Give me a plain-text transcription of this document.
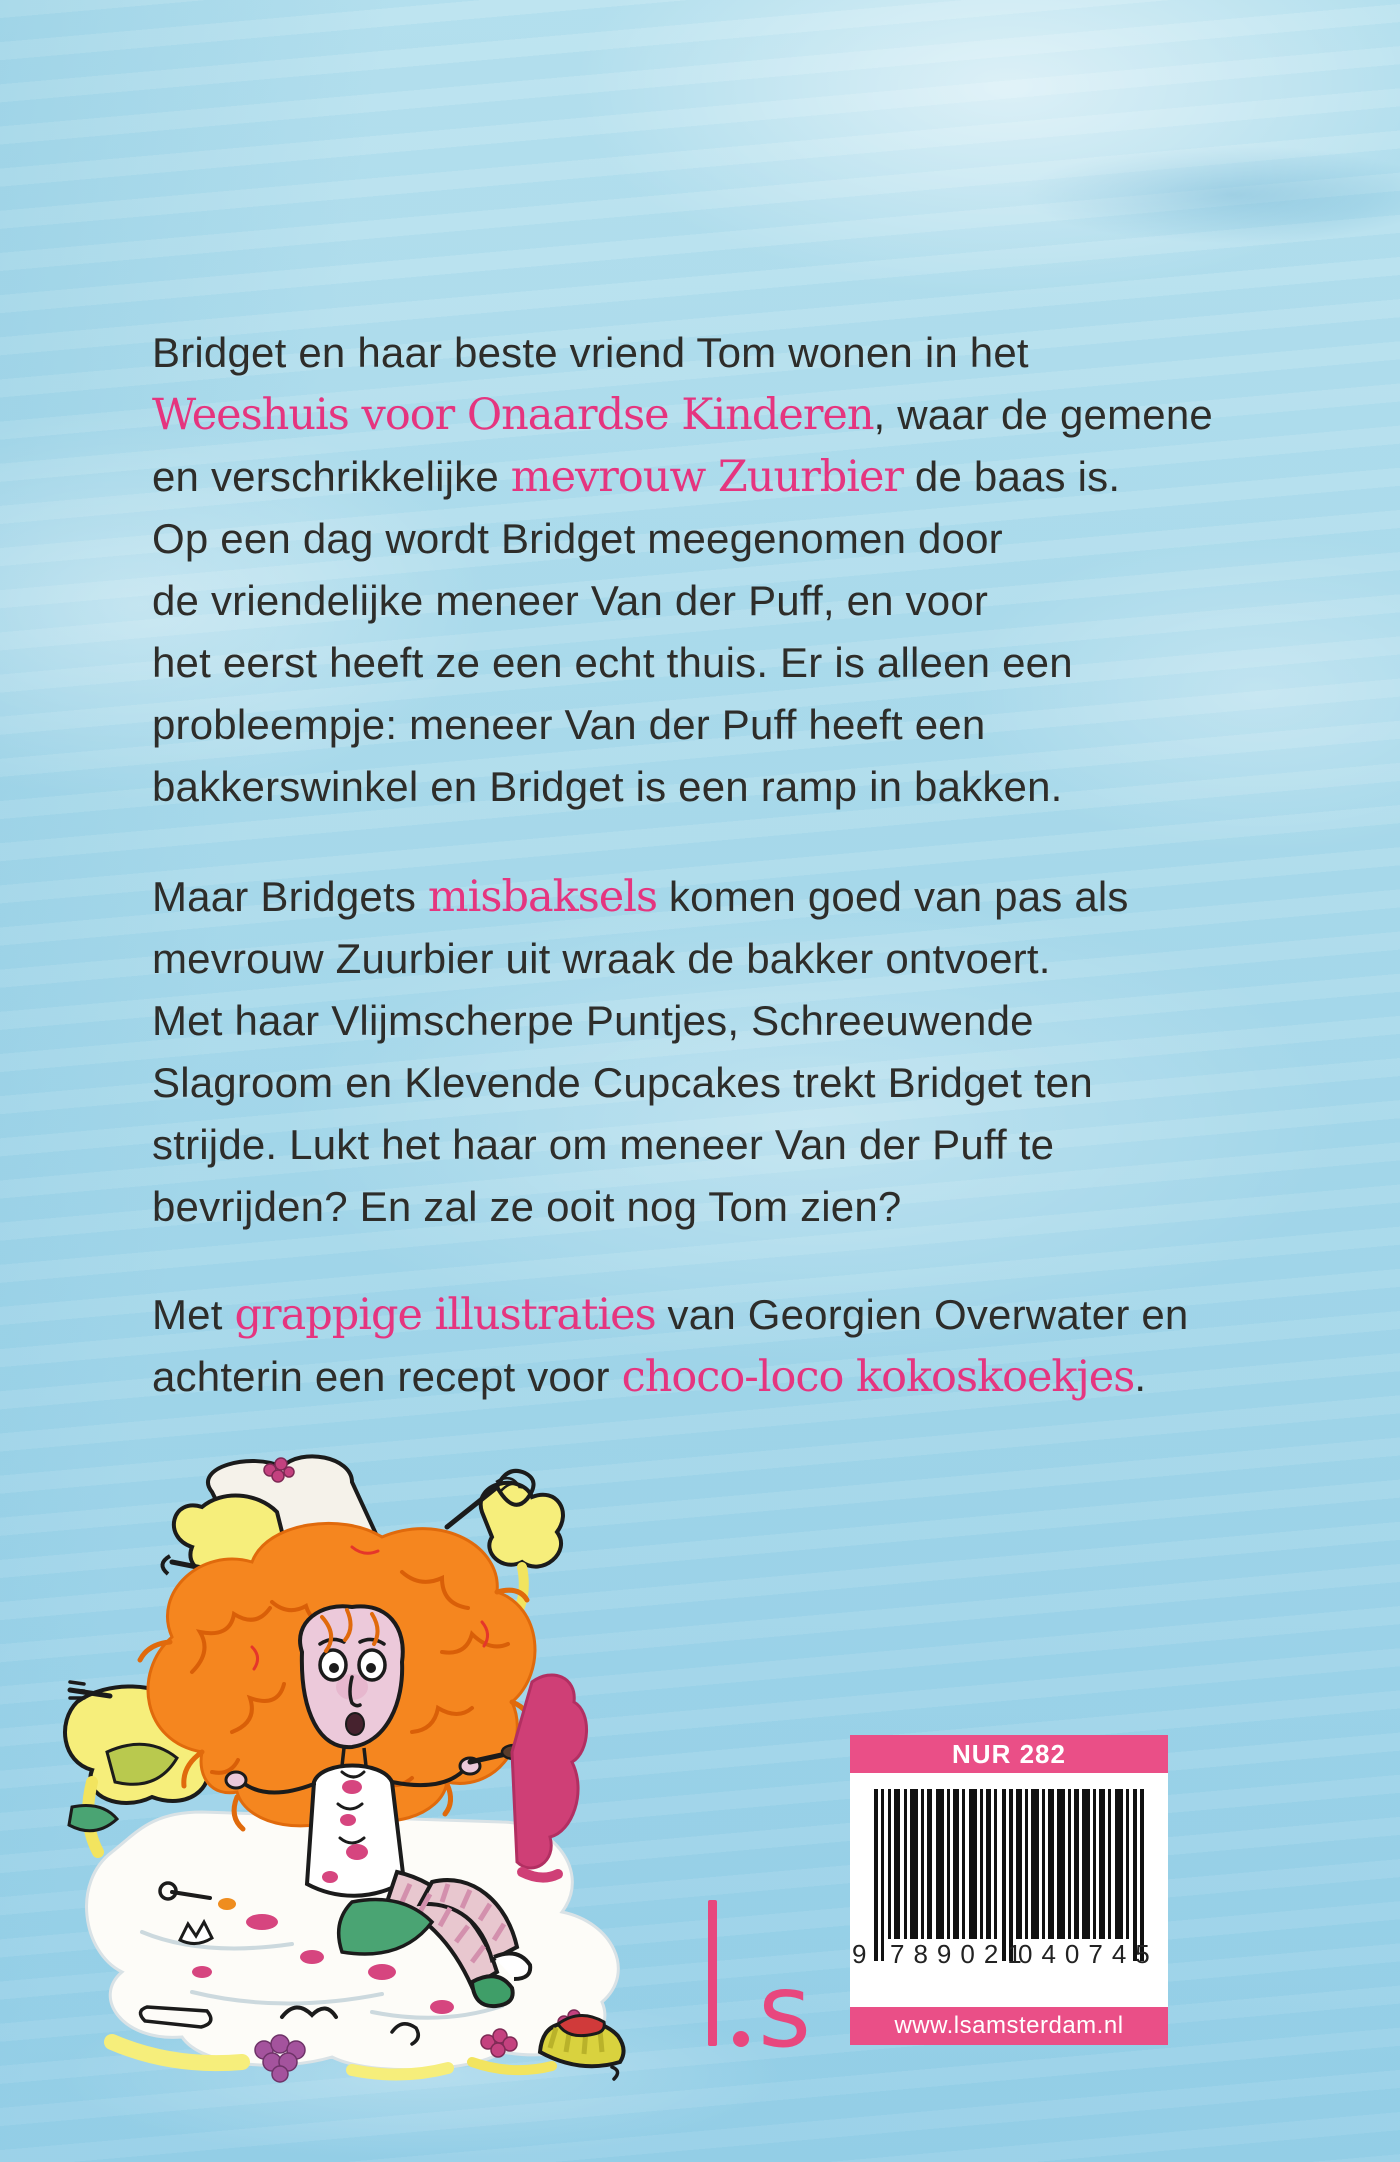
Bridget en haar beste vriend Tom wonen in het
Weeshuis voor Onaardse Kinderen, waar de gemene
en verschrikkelijke mevrouw Zuurbier de baas is.
Op een dag wordt Bridget meegenomen door
de vriendelijke meneer Van der Puff, en voor
het eerst heeft ze een echt thuis. Er is alleen een
probleempje: meneer Van der Puff heeft een
bakkerswinkel en Bridget is een ramp in bakken.

Maar Bridgets misbaksels komen goed van pas als
mevrouw Zuurbier uit wraak de bakker ontvoert.
Met haar Vlijmscherpe Puntjes, Schreeuwende
Slagroom en Klevende Cupcakes trekt Bridget ten
strijde. Lukt het haar om meneer Van der Puff te
bevrijden? En zal ze ooit nog Tom zien?

Met grappige illustraties van Georgien Overwater en
achterin een recept voor choco-loco kokoskoekjes.

s
NUR 282
9 789021
040745
www.lsamsterdam.nl
